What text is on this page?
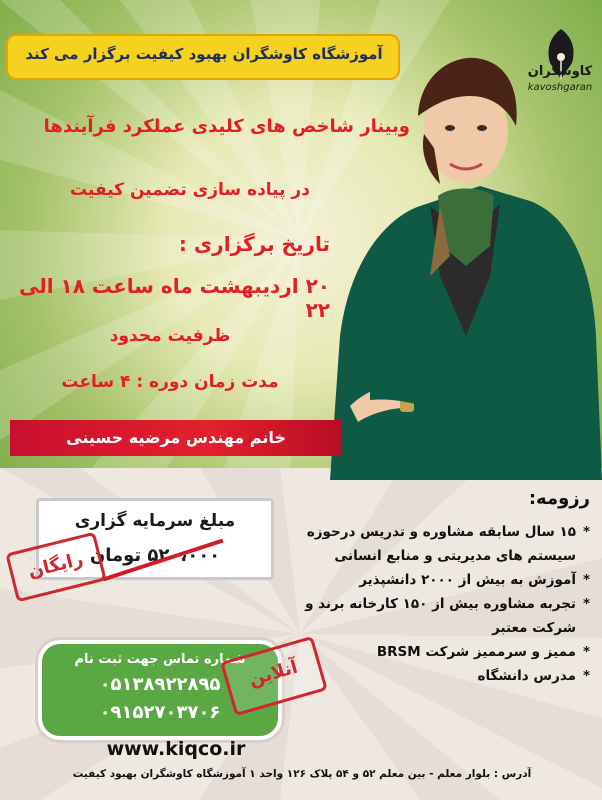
کاوشگران
kavoshgaran
آموزشگاه کاوشگران بهبود کیفیت برگزار می کند
وبینار شاخص های کلیدی عملکرد فرآیندها
در پیاده سازی تضمین کیفیت
تاریخ برگزاری :
۲۰ اردیبهشت ماه ساعت ۱۸ الی ۲۲
ظرفیت محدود
مدت زمان دوره : ۴ ساعت
خانم مهندس مرضیه حسینی
مبلغ سرمایه گزاری
۵۲۰،۰۰۰ تومان
رایگان
شماره تماس جهت ثبت نام
۰۵۱۳۸۹۲۲۸۹۵
۰۹۱۵۲۷۰۳۷۰۶
آنلاین
www.kiqco.ir
آدرس : بلوار معلم - بین معلم ۵۲ و ۵۴ پلاک ۱۲۶ واحد ۱ آموزشگاه کاوشگران بهبود کیفیت
رزومه:
۱۵ سال سابقه مشاوره و تدریس درحوزه سیستم های مدیریتی و منابع انسانی *
آموزش به بیش از ۲۰۰۰ دانشپذیر *
تجربه مشاوره بیش از ۱۵۰ کارخانه برند و شرکت معتبر *
ممیز و سرممیز شرکت BRSM *
مدرس دانشگاه *
